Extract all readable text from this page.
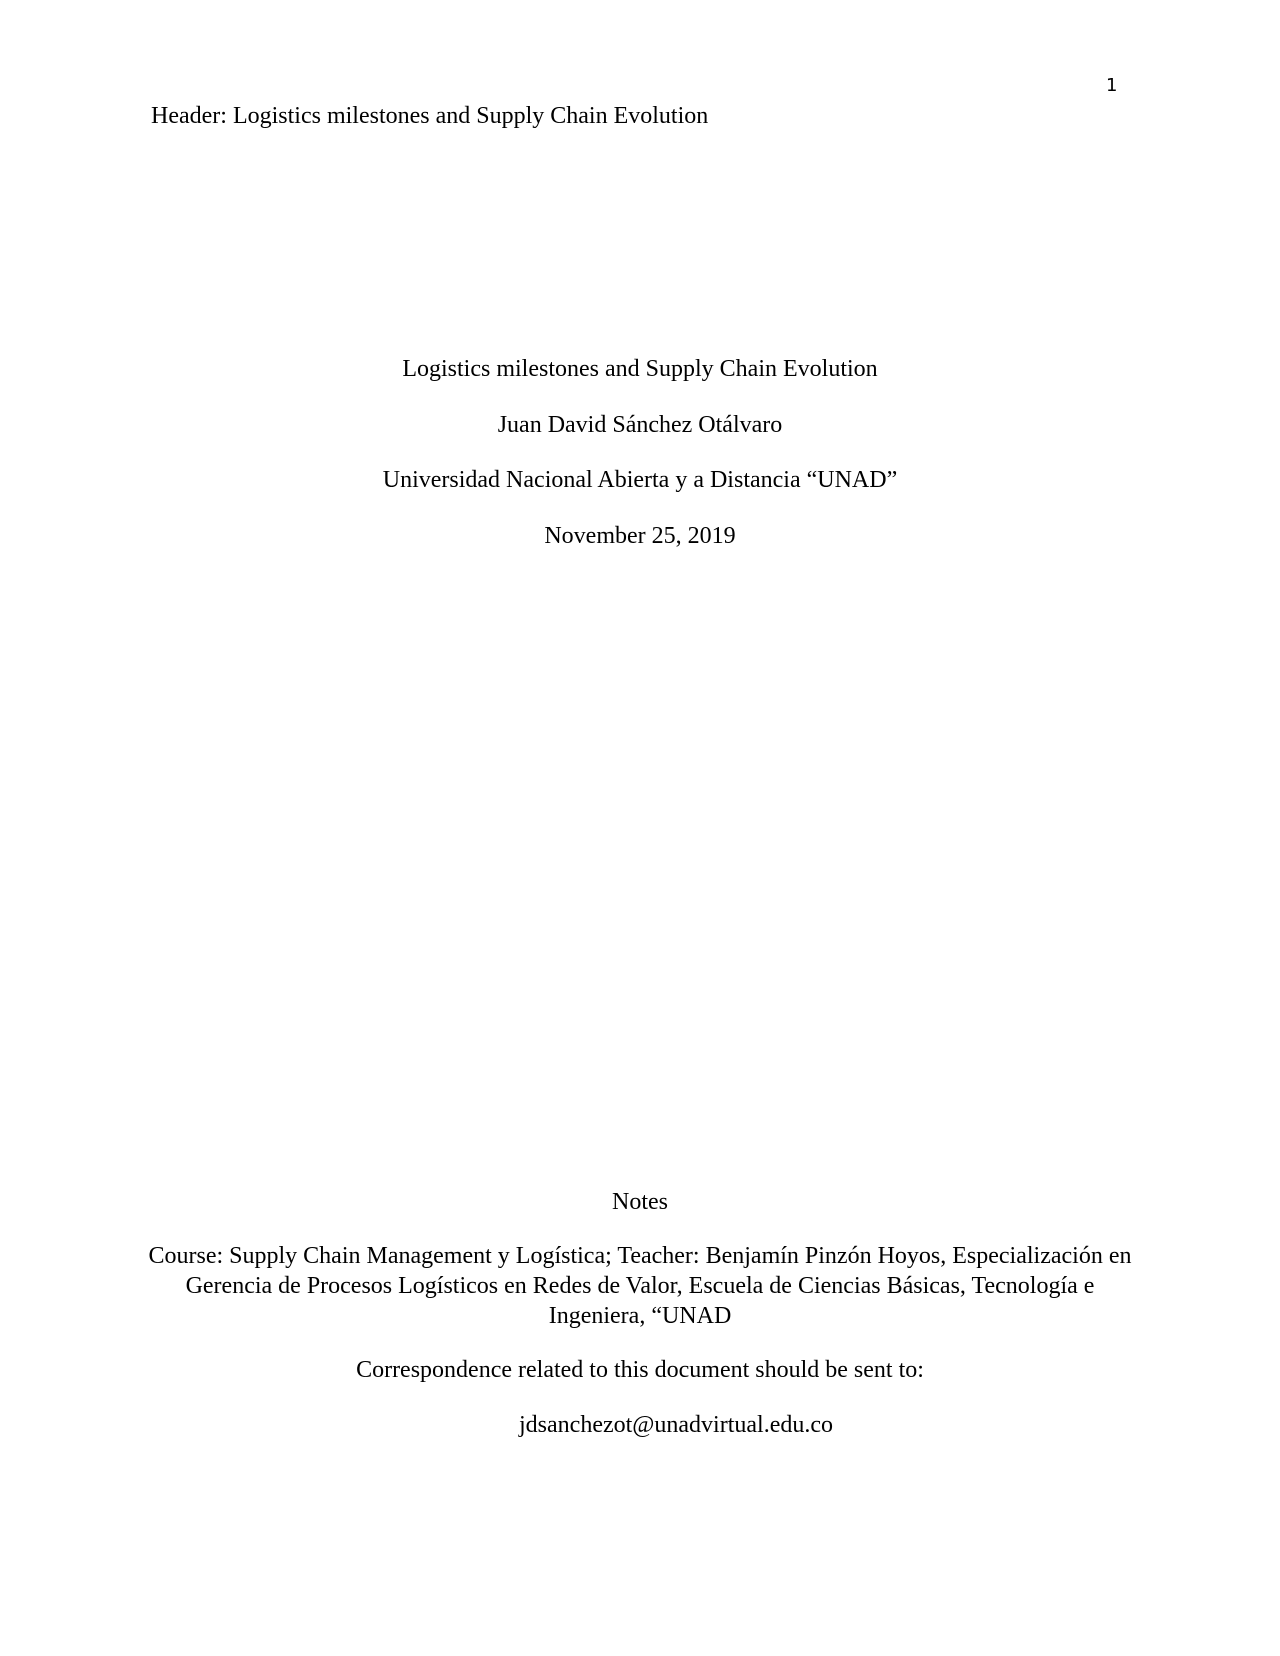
1
Header: Logistics milestones and Supply Chain Evolution
Logistics milestones and Supply Chain Evolution
Juan David Sánchez Otálvaro
Universidad Nacional Abierta y a Distancia “UNAD”
November 25, 2019
Notes
Course: Supply Chain Management y Logística; Teacher: Benjamín Pinzón Hoyos, Especialización en Gerencia de Procesos Logísticos en Redes de Valor, Escuela de Ciencias Básicas, Tecnología e Ingeniera, “UNAD
Correspondence related to this document should be sent to:
jdsanchezot@unadvirtual.edu.co
